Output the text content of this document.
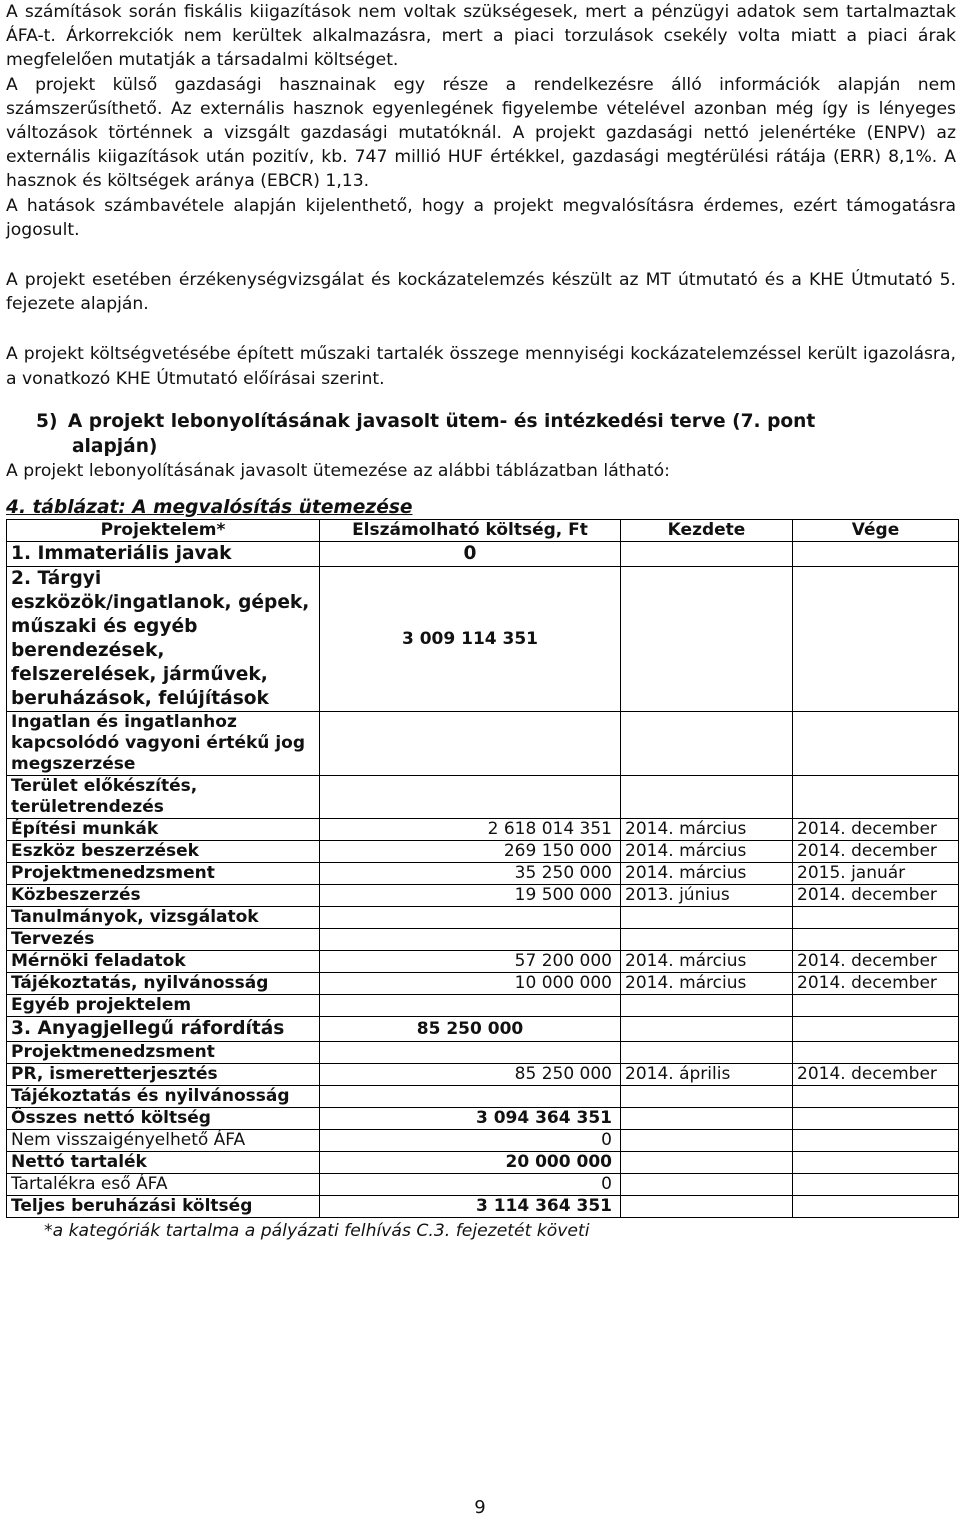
A számítások során fiskális kiigazítások nem voltak szükségesek, mert a pénzügyi adatok sem tartalmaztak ÁFA-t. Árkorrekciók nem kerültek alkalmazásra, mert a piaci torzulások csekély volta miatt a piaci árak megfelelően mutatják a társadalmi költséget.

A projekt külső gazdasági hasznainak egy része a rendelkezésre álló információk alapján nem számszerűsíthető. Az externális hasznok egyenlegének figyelembe vételével azonban még így is lényeges változások történnek a vizsgált gazdasági mutatóknál. A projekt gazdasági nettó jelenértéke (ENPV) az externális kiigazítások után pozitív, kb. 747 millió HUF értékkel, gazdasági megtérülési rátája (ERR) 8,1%. A hasznok és költségek aránya (EBCR) 1,13.

A hatások számbavétele alapján kijelenthető, hogy a projekt megvalósításra érdemes, ezért támogatásra jogosult.

A projekt esetében érzékenységvizsgálat és kockázatelemzés készült az MT útmutató és a KHE Útmutató 5. fejezete alapján.

A projekt költségvetésébe épített műszaki tartalék összege mennyiségi kockázatelemzéssel került igazolásra, a vonatkozó KHE Útmutató előírásai szerint.

5) A projekt lebonyolításának javasolt ütem- és intézkedési terve (7. pont
alapján)

A projekt lebonyolításának javasolt ütemezése az alábbi táblázatban látható:

4. táblázat: A megvalósítás ütemezése
Projektelem*	Elszámolható költség, Ft	Kezdete	Vége
1. Immateriális javak	0		
2. Tárgyi eszközök/ingatlanok, gépek, műszaki és egyéb berendezések, felszerelések, járművek, beruházások, felújítások	3 009 114 351		
Ingatlan és ingatlanhoz kapcsolódó vagyoni értékű jog megszerzése			
Terület előkészítés, területrendezés			
Építési munkák	2 618 014 351	2014. március	2014. december
Eszköz beszerzések	269 150 000	2014. március	2014. december
Projektmenedzsment	35 250 000	2014. március	2015. január
Közbeszerzés	19 500 000	2013. június	2014. december
Tanulmányok, vizsgálatok			
Tervezés			
Mérnöki feladatok	57 200 000	2014. március	2014. december
Tájékoztatás, nyilvánosság	10 000 000	2014. március	2014. december
Egyéb projektelem			
3. Anyagjellegű ráfordítás	85 250 000		
Projektmenedzsment			
PR, ismeretterjesztés	85 250 000	2014. április	2014. december
Tájékoztatás és nyilvánosság			
Összes nettó költség	3 094 364 351		
Nem visszaigényelhető ÁFA	0		
Nettó tartalék	20 000 000		
Tartalékra eső ÁFA	0		
Teljes beruházási költség	3 114 364 351		

*a kategóriák tartalma a pályázati felhívás C.3. fejezetét követi

9
